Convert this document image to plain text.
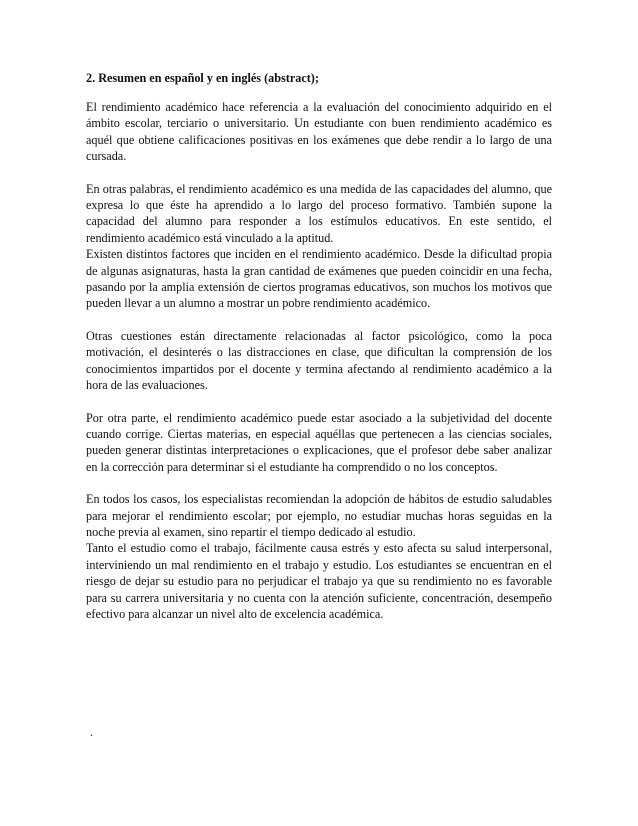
2. Resumen en español y en inglés (abstract);
El rendimiento académico hace referencia a la evaluación del conocimiento adquirido en el ámbito escolar, terciario o universitario. Un estudiante con buen rendimiento académico es aquél que obtiene calificaciones positivas en los exámenes que debe rendir a lo largo de una cursada.
En otras palabras, el rendimiento académico es una medida de las capacidades del alumno, que expresa lo que éste ha aprendido a lo largo del proceso formativo. También supone la capacidad del alumno para responder a los estímulos educativos. En este sentido, el rendimiento académico está vinculado a la aptitud.
Existen distintos factores que inciden en el rendimiento académico. Desde la dificultad propia de algunas asignaturas, hasta la gran cantidad de exámenes que pueden coincidir en una fecha, pasando por la amplia extensión de ciertos programas educativos, son muchos los motivos que pueden llevar a un alumno a mostrar un pobre rendimiento académico.
Otras cuestiones están directamente relacionadas al factor psicológico, como la poca motivación, el desinterés o las distracciones en clase, que dificultan la comprensión de los conocimientos impartidos por el docente y termina afectando al rendimiento académico a la hora de las evaluaciones.
Por otra parte, el rendimiento académico puede estar asociado a la subjetividad del docente cuando corrige. Ciertas materias, en especial aquéllas que pertenecen a las ciencias sociales, pueden generar distintas interpretaciones o explicaciones, que el profesor debe saber analizar en la corrección para determinar si el estudiante ha comprendido o no los conceptos.
En todos los casos, los especialistas recomiendan la adopción de hábitos de estudio saludables para mejorar el rendimiento escolar; por ejemplo, no estudiar muchas horas seguidas en la noche previa al examen, sino repartir el tiempo dedicado al estudio.
Tanto el estudio como el trabajo, fácilmente causa estrés y esto afecta su salud interpersonal, interviniendo un mal rendimiento en el trabajo y estudio. Los estudiantes se encuentran en el riesgo de dejar su estudio para no perjudicar el trabajo ya que su rendimiento no es favorable para su carrera universitaria y no cuenta con la atención suficiente, concentración, desempeño efectivo para alcanzar un nivel alto de excelencia académica.
.
